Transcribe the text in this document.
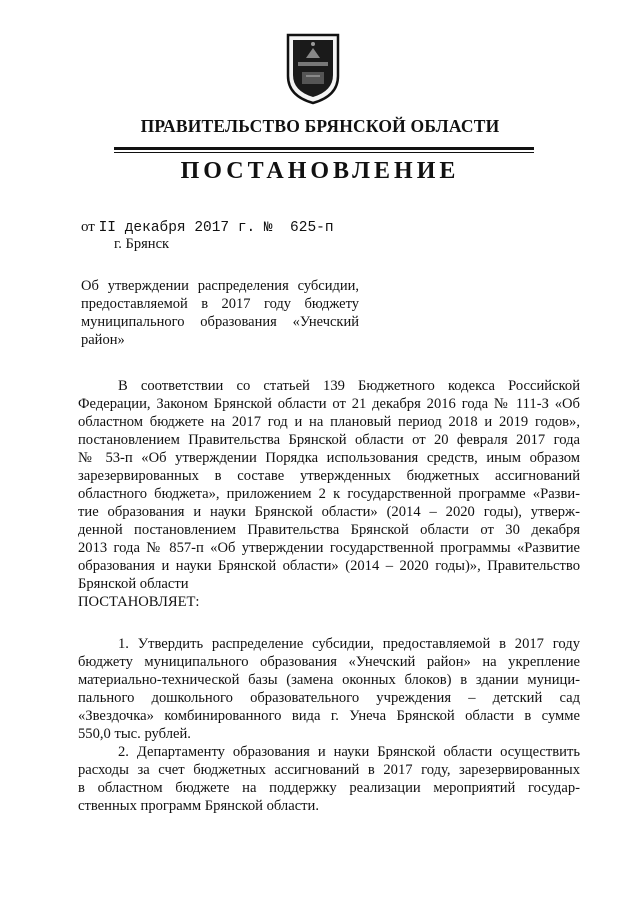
ПРАВИТЕЛЬСТВО БРЯНСКОЙ ОБЛАСТИ
ПОСТАНОВЛЕНИЕ
от II декабря 2017 г. №  625-п
г. Брянск
Об утверждении распределения субсидии,
предоставляемой в 2017 году бюджету
муниципального образования «Унечский
район»
В соответствии со статьей 139 Бюджетного кодекса Российской
Федерации, Законом Брянской области от 21 декабря 2016 года № 111-З «Об
областном бюджете на 2017 год и на плановый период 2018 и 2019 годов»,
постановлением Правительства Брянской области от 20 февраля 2017 года
№ 53-п «Об утверждении Порядка использования средств, иным образом
зарезервированных в составе утвержденных бюджетных ассигнований
областного бюджета», приложением 2 к государственной программе «Разви-
тие образования и науки Брянской области» (2014 – 2020 годы), утверж-
денной постановлением Правительства Брянской области от 30 декабря
2013 года № 857-п «Об утверждении государственной программы «Развитие
образования и науки Брянской области» (2014 – 2020 годы)», Правительство
Брянской области
ПОСТАНОВЛЯЕТ:
1. Утвердить распределение субсидии, предоставляемой в 2017 году
бюджету муниципального образования «Унечский район» на укрепление
материально-технической базы (замена оконных блоков) в здании муници-
пального дошкольного образовательного учреждения – детский сад
«Звездочка» комбинированного вида г. Унеча Брянской области в сумме
550,0 тыс. рублей.
2. Департаменту образования и науки Брянской области осуществить
расходы за счет бюджетных ассигнований в 2017 году, зарезервированных
в областном бюджете на поддержку реализации мероприятий государ-
ственных программ Брянской области.
